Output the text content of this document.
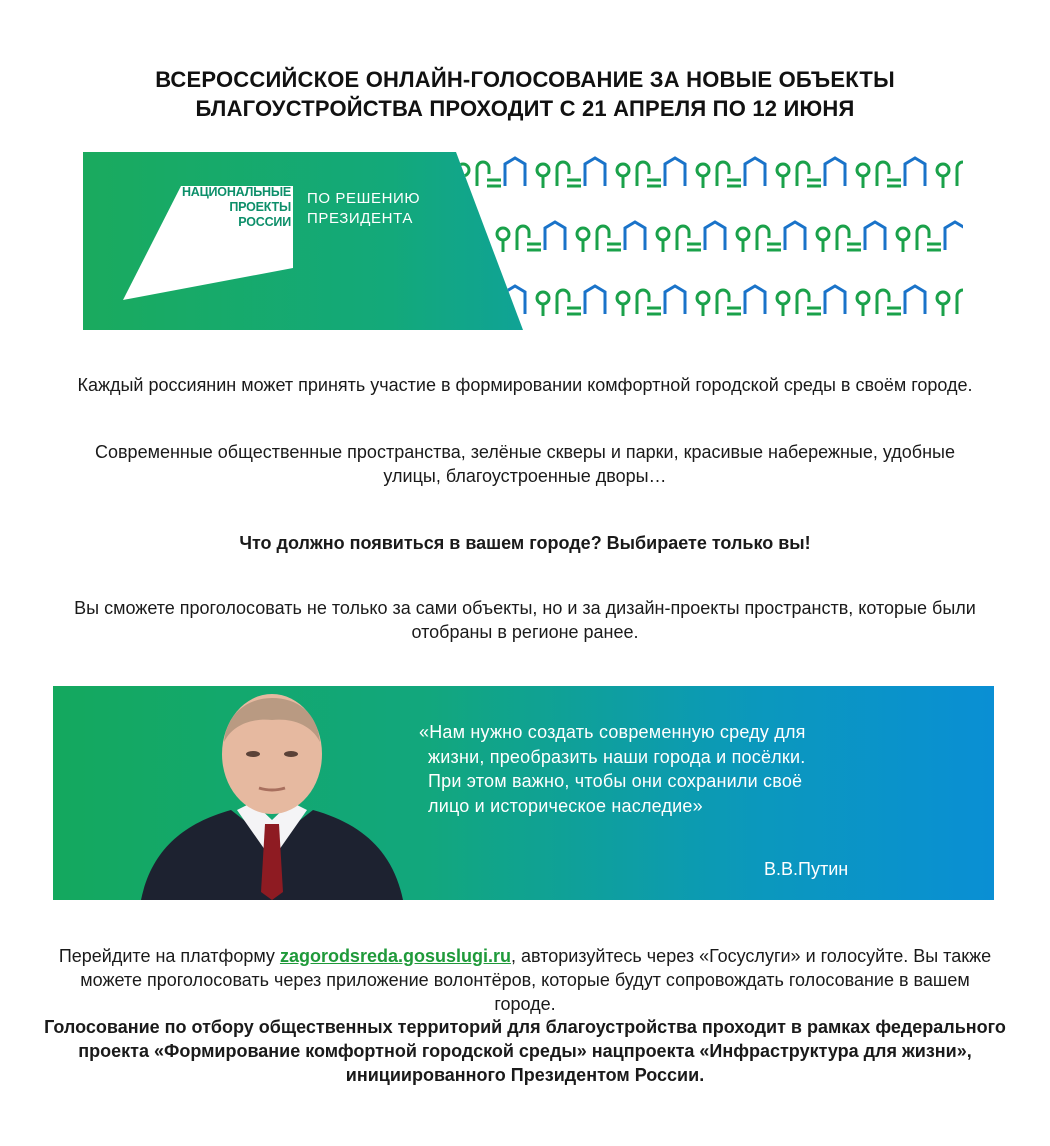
ВСЕРОССИЙСКОЕ ОНЛАЙН-ГОЛОСОВАНИЕ ЗА НОВЫЕ ОБЪЕКТЫ
БЛАГОУСТРОЙСТВА ПРОХОДИТ С 21 АПРЕЛЯ ПО 12 ИЮНЯ
НАЦИОНАЛЬНЫЕ
ПРОЕКТЫ
РОССИИ
ПО РЕШЕНИЮ
ПРЕЗИДЕНТА

Каждый россиянин может принять участие в формировании комфортной городской среды в своём городе.

Современные общественные пространства, зелёные скверы и парки, красивые набережные, удобные
улицы, благоустроенные дворы…

Что должно появиться в вашем городе? Выбираете только вы!

Вы сможете проголосовать не только за сами объекты, но и за дизайн-проекты пространств, которые были
отобраны в регионе ранее.

«Нам нужно создать современную среду для
жизни, преобразить наши города и посёлки.
При этом важно, чтобы они сохранили своё
лицо и историческое наследие»
В.В.Путин

Перейдите на платформу zagorodsreda.gosuslugi.ru, авторизуйтесь через «Госуслуги» и голосуйте. Вы также
можете проголосовать через приложение волонтёров, которые будут сопровождать голосование в вашем
городе.

Голосование по отбору общественных территорий для благоустройства проходит в рамках федерального
проекта «Формирование комфортной городской среды» нацпроекта «Инфраструктура для жизни»,
инициированного Президентом России.
